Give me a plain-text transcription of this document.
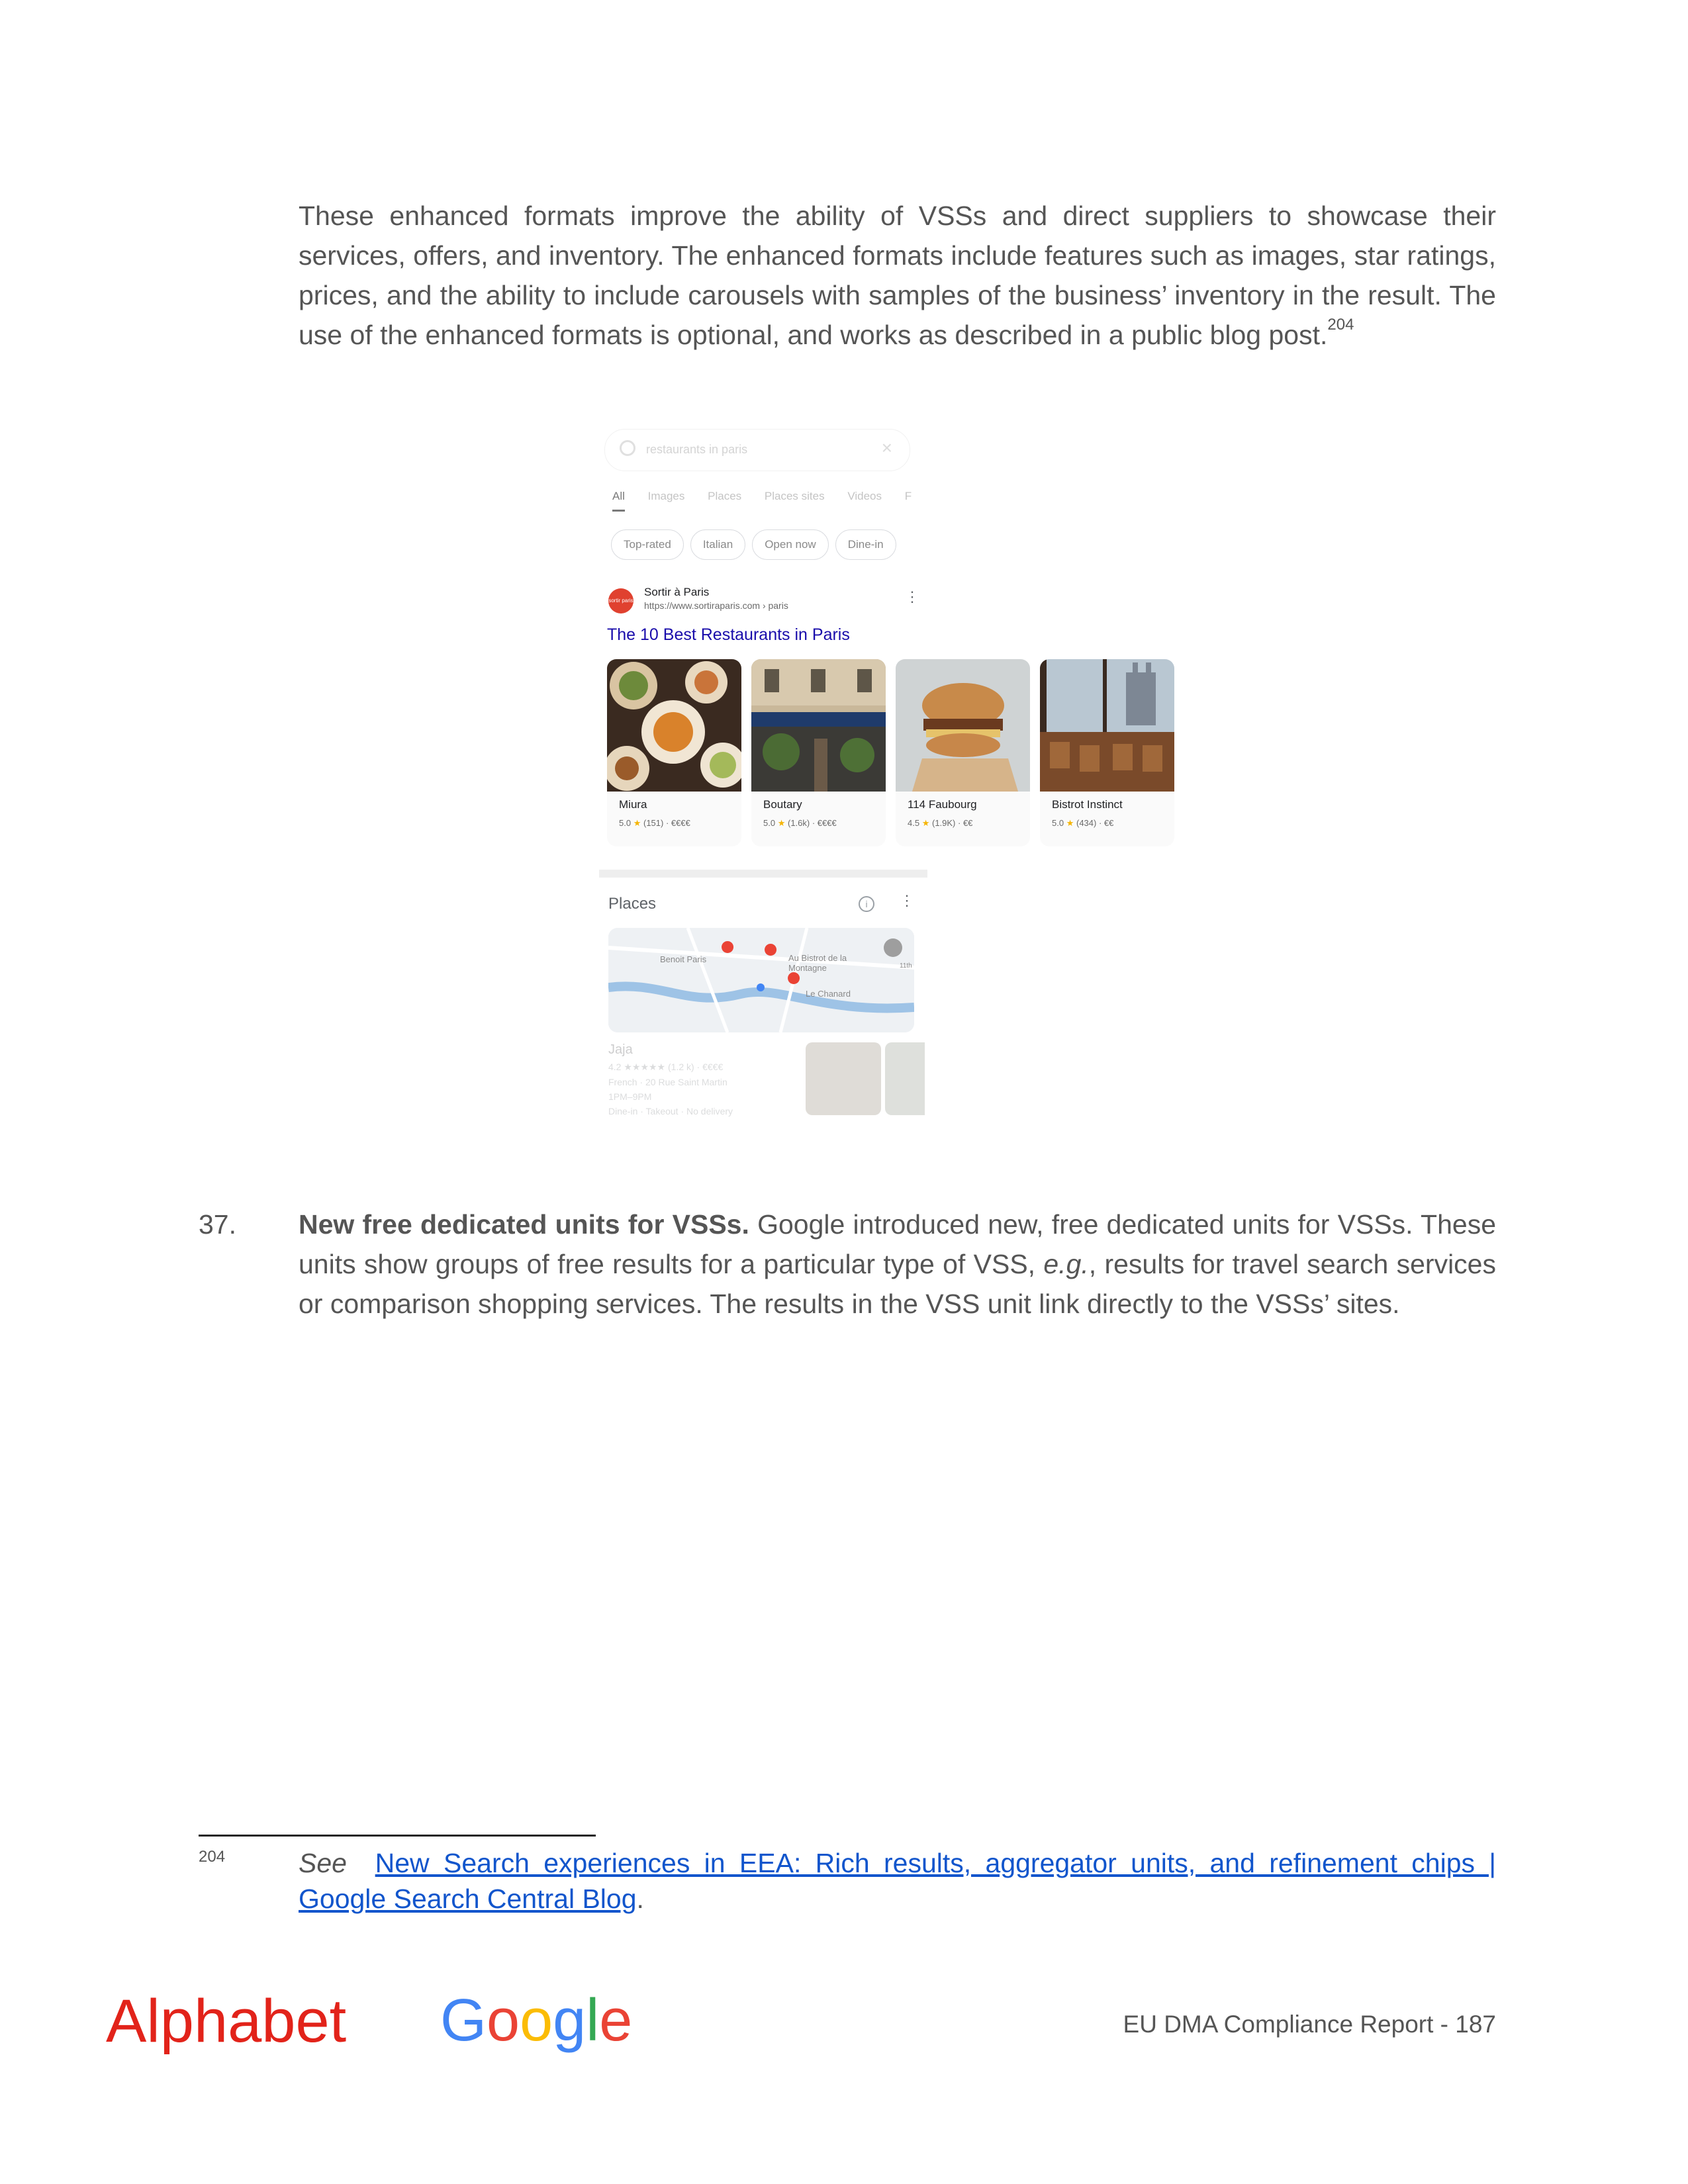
These enhanced formats improve the ability of VSSs and direct suppliers to showcase their services, offers, and inventory. The enhanced formats include features such as images, star ratings, prices, and the ability to include carousels with samples of the business’ inventory in the result. The use of the enhanced formats is optional, and works as described in a public blog post.$^{204}$

restaurants in paris	×
All Images Places Places sites Videos F
Top-rated	Italian	Open now	Dine-in
sortir paris
Sortir à Paris
https://www.sortiraparis.com › paris
⋮
The 10 Best Restaurants in Paris
Miura
5.0 ★ (151) · €€€€
Boutary
5.0 ★ (1.6k) · €€€€
114 Faubourg
4.5 ★ (1.9K) · €€
Bistrot Instinct
5.0 ★ (434) · €€
Places	i	⋮
Benoit Paris	Au Bistrot de la Montagne
Le Chanard
11th
Jaja
4.2 ★★★★★ (1.2 k) · €€€€
French · 20 Rue Saint Martin
1PM–9PM
Dine-in · Takeout · No delivery
37. New free dedicated units for VSSs. Google introduced new, free dedicated units for VSSs. These units show groups of free results for a particular type of VSS, e.g., results for travel search services or comparison shopping services. The results in the VSS unit link directly to the VSSs’ sites.

204	See New Search experiences in EEA: Rich results, aggregator units, and refinement chips | Google Search Central Blog.
Alphabet Google	EU DMA Compliance Report - 187
